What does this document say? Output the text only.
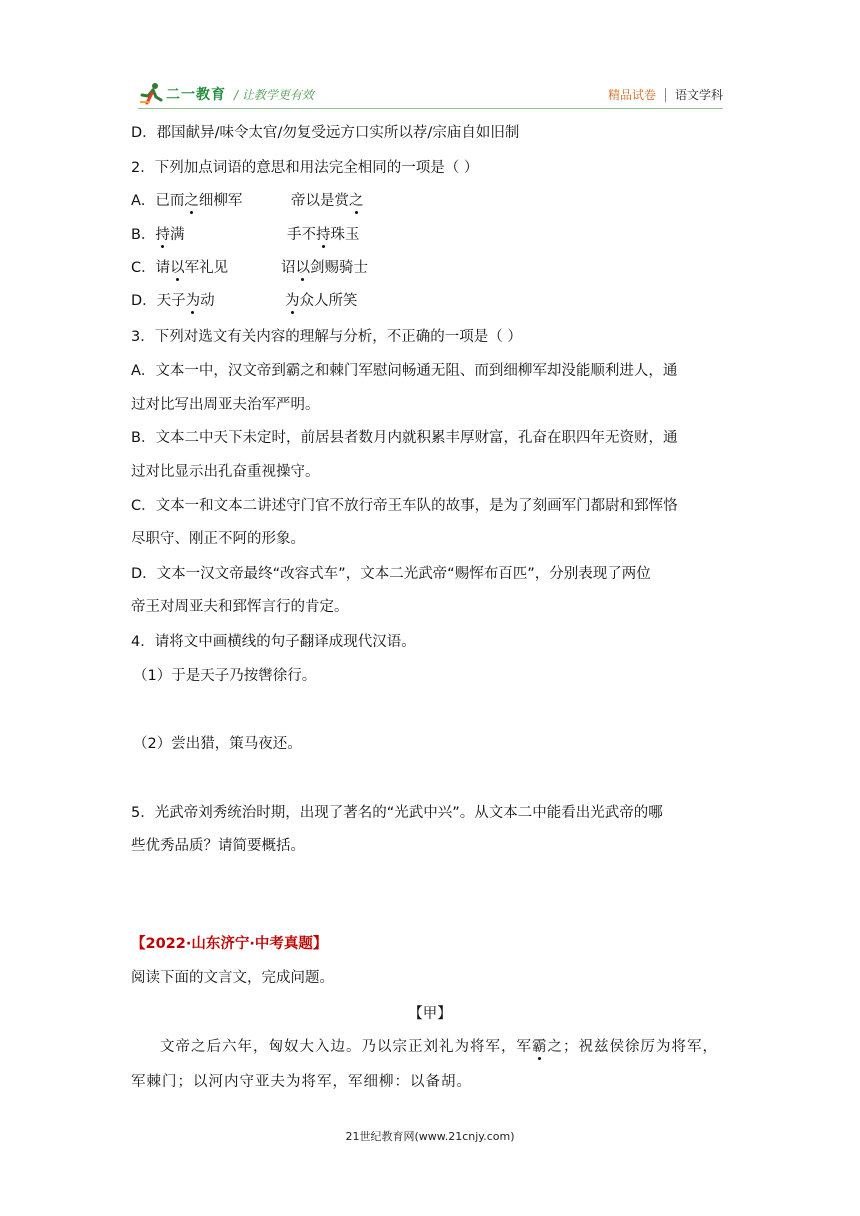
二一教育 / 让教学更有效	精品试卷 语文学科
D．郡国献异/味令太官/勿复受远方口实所以荐/宗庙自如旧制
2．下列加点词语的意思和用法完全相同的一项是（ ）
A．已而之细柳军	帝以是赏之
B．持满	手不持珠玉
C．请以军礼见	诏以剑赐骑士
D．天子为动	为众人所笑
3．下列对选文有关内容的理解与分析，不正确的一项是（ ）
A．文本一中，汉文帝到霸之和棘门军慰问畅通无阻、而到细柳军却没能顺利进人，通
过对比写出周亚夫治军严明。
B．文本二中天下未定时，前居县者数月内就积累丰厚财富，孔奋在职四年无资财，通
过对比显示出孔奋重视操守。
C．文本一和文本二讲述守门官不放行帝王车队的故事，是为了刻画军门都尉和郅恽恪
尽职守、刚正不阿的形象。
D．文本一汉文帝最终“改容式车”，文本二光武帝“赐恽布百匹”，分别表现了两位
帝王对周亚夫和郅恽言行的肯定。
4．请将文中画横线的句子翻译成现代汉语。
（1）于是天子乃按辔徐行。
（2）尝出猎，策马夜还。
5．光武帝刘秀统治时期，出现了著名的“光武中兴”。从文本二中能看出光武帝的哪
些优秀品质？请简要概括。
【2022·山东济宁·中考真题】
阅读下面的文言文，完成问题。
【甲】
文帝之后六年，匈奴大入边。乃以宗正刘礼为将军，军霸之；祝兹侯徐厉为将军，
军棘门；以河内守亚夫为将军，军细柳：以备胡。
21世纪教育网(www.21cnjy.com)
